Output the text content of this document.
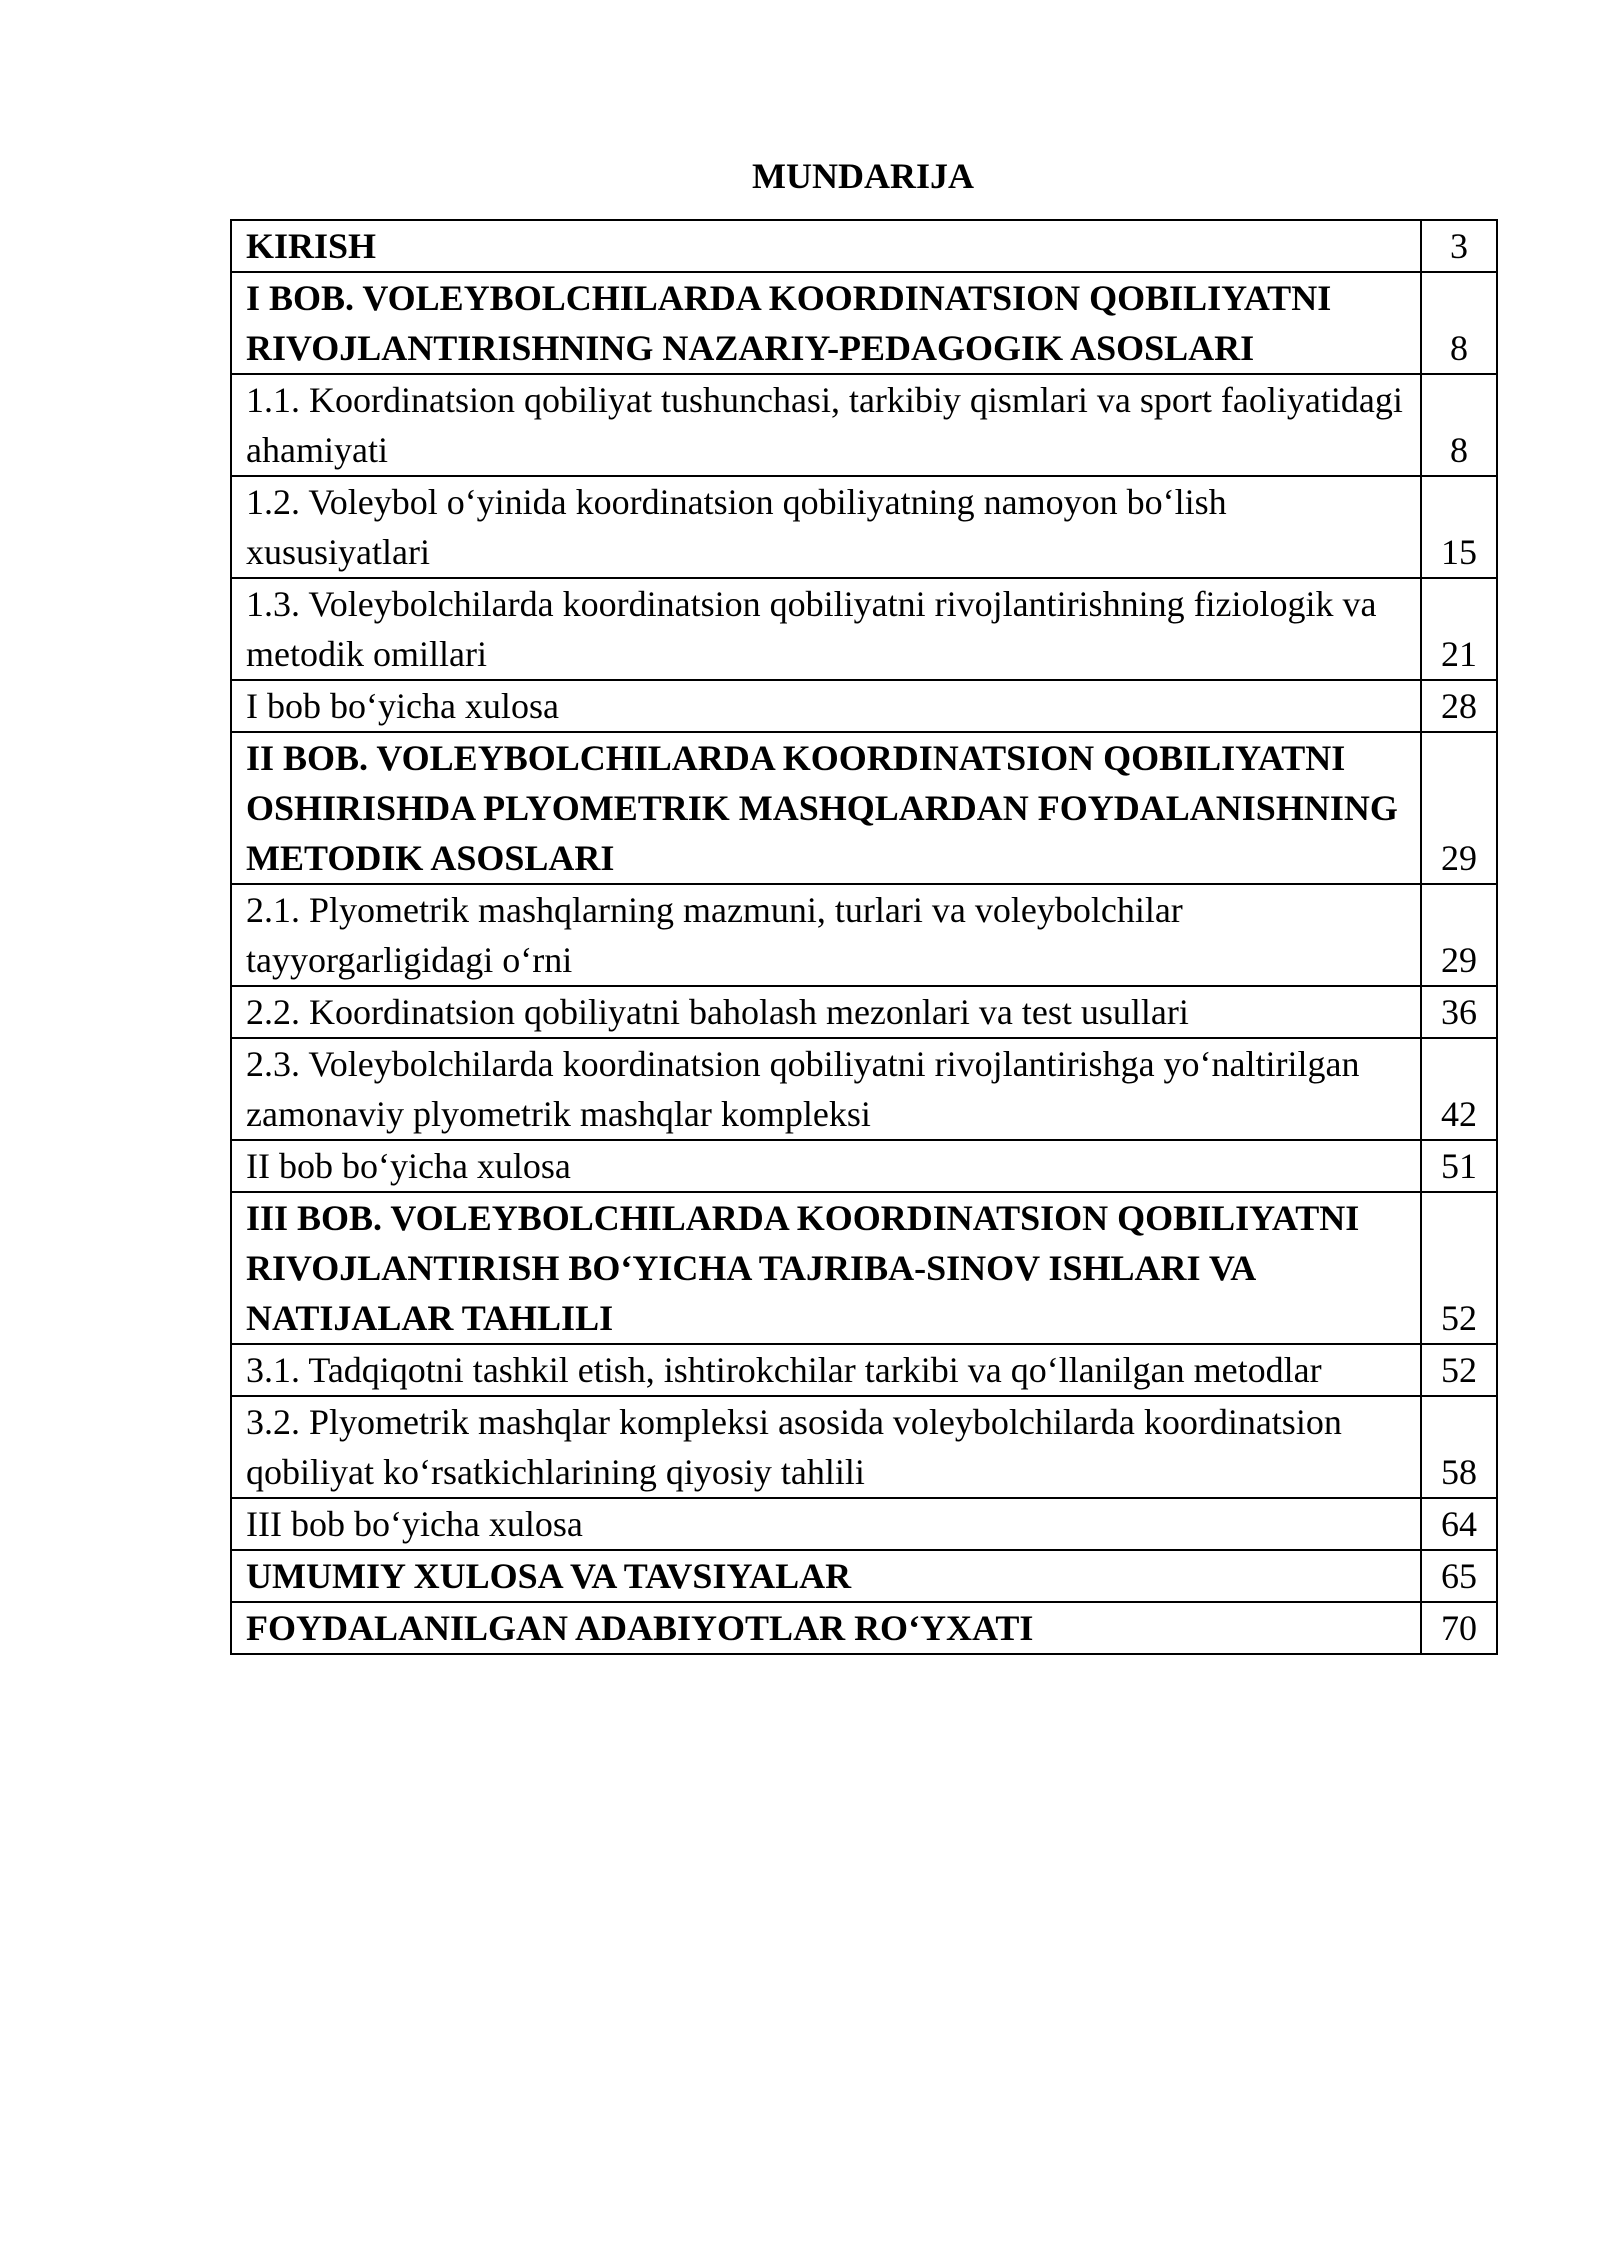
MUNDARIJA
KIRISH	3
I BOB. VOLEYBOLCHILARDA KOORDINATSION QOBILIYATNI RIVOJLANTIRISHNING NAZARIY-PEDAGOGIK ASOSLARI	8
1.1. Koordinatsion qobiliyat tushunchasi, tarkibiy qismlari va sport faoliyatidagi ahamiyati	8
1.2. Voleybol o‘yinida koordinatsion qobiliyatning namoyon bo‘lish xususiyatlari	15
1.3. Voleybolchilarda koordinatsion qobiliyatni rivojlantirishning fiziologik va metodik omillari	21
I bob bo‘yicha xulosa	28
II BOB. VOLEYBOLCHILARDA KOORDINATSION QOBILIYATNI OSHIRISHDA PLYOMETRIK MASHQLARDAN FOYDALANISHNING METODIK ASOSLARI	29
2.1. Plyometrik mashqlarning mazmuni, turlari va voleybolchilar tayyorgarligidagi o‘rni	29
2.2. Koordinatsion qobiliyatni baholash mezonlari va test usullari	36
2.3. Voleybolchilarda koordinatsion qobiliyatni rivojlantirishga yo‘naltirilgan zamonaviy plyometrik mashqlar kompleksi	42
II bob bo‘yicha xulosa	51
III BOB. VOLEYBOLCHILARDA KOORDINATSION QOBILIYATNI RIVOJLANTIRISH BO‘YICHA TAJRIBA-SINOV ISHLARI VA NATIJALAR TAHLILI	52
3.1. Tadqiqotni tashkil etish, ishtirokchilar tarkibi va qo‘llanilgan metodlar	52
3.2. Plyometrik mashqlar kompleksi asosida voleybolchilarda koordinatsion qobiliyat ko‘rsatkichlarining qiyosiy tahlili	58
III bob bo‘yicha xulosa	64
UMUMIY XULOSA VA TAVSIYALAR	65
FOYDALANILGAN ADABIYOTLAR RO‘YXATI	70
